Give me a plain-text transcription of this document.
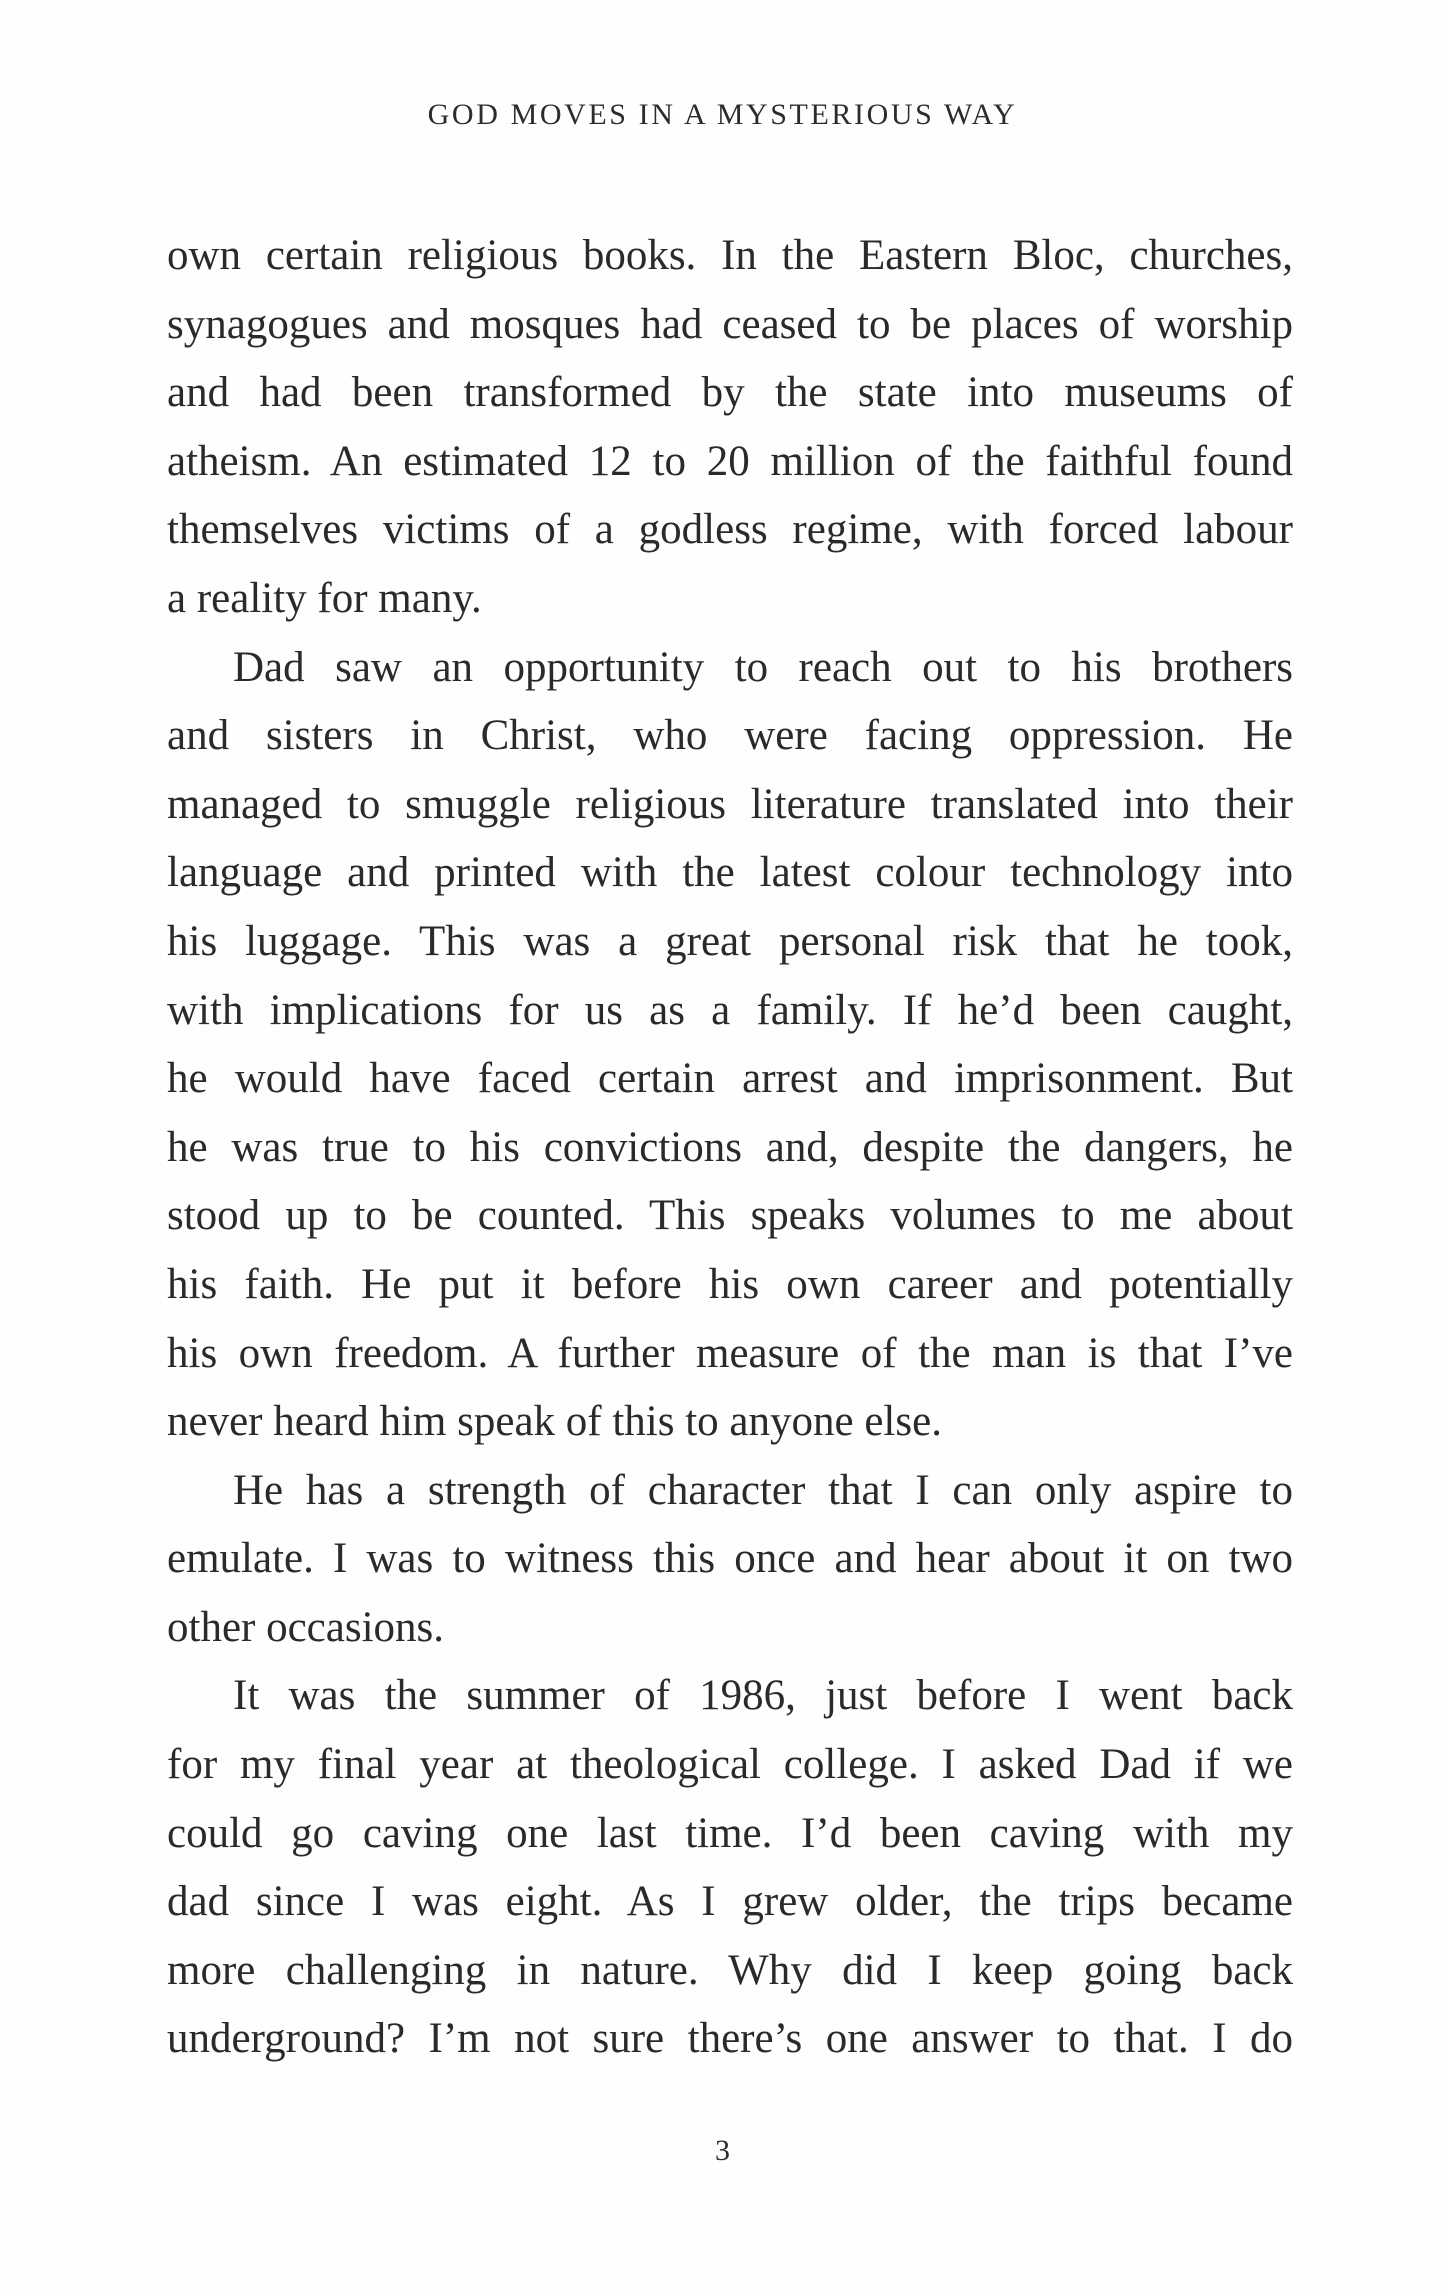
GOD MOVES IN A MYSTERIOUS WAY

own certain religious books. In the Eastern Bloc, churches,
synagogues and mosques had ceased to be places of worship
and had been transformed by the state into museums of
atheism. An estimated 12 to 20 million of the faithful found
themselves victims of a godless regime, with forced labour
a reality for many.

Dad saw an opportunity to reach out to his brothers
and sisters in Christ, who were facing oppression. He
managed to smuggle religious literature translated into their
language and printed with the latest colour technology into
his luggage. This was a great personal risk that he took,
with implications for us as a family. If he’d been caught,
he would have faced certain arrest and imprisonment. But
he was true to his convictions and, despite the dangers, he
stood up to be counted. This speaks volumes to me about
his faith. He put it before his own career and potentially
his own freedom. A further measure of the man is that I’ve
never heard him speak of this to anyone else.

He has a strength of character that I can only aspire to
emulate. I was to witness this once and hear about it on two
other occasions.

It was the summer of 1986, just before I went back
for my final year at theological college. I asked Dad if we
could go caving one last time. I’d been caving with my
dad since I was eight. As I grew older, the trips became
more challenging in nature. Why did I keep going back
underground? I’m not sure there’s one answer to that. I do

3
